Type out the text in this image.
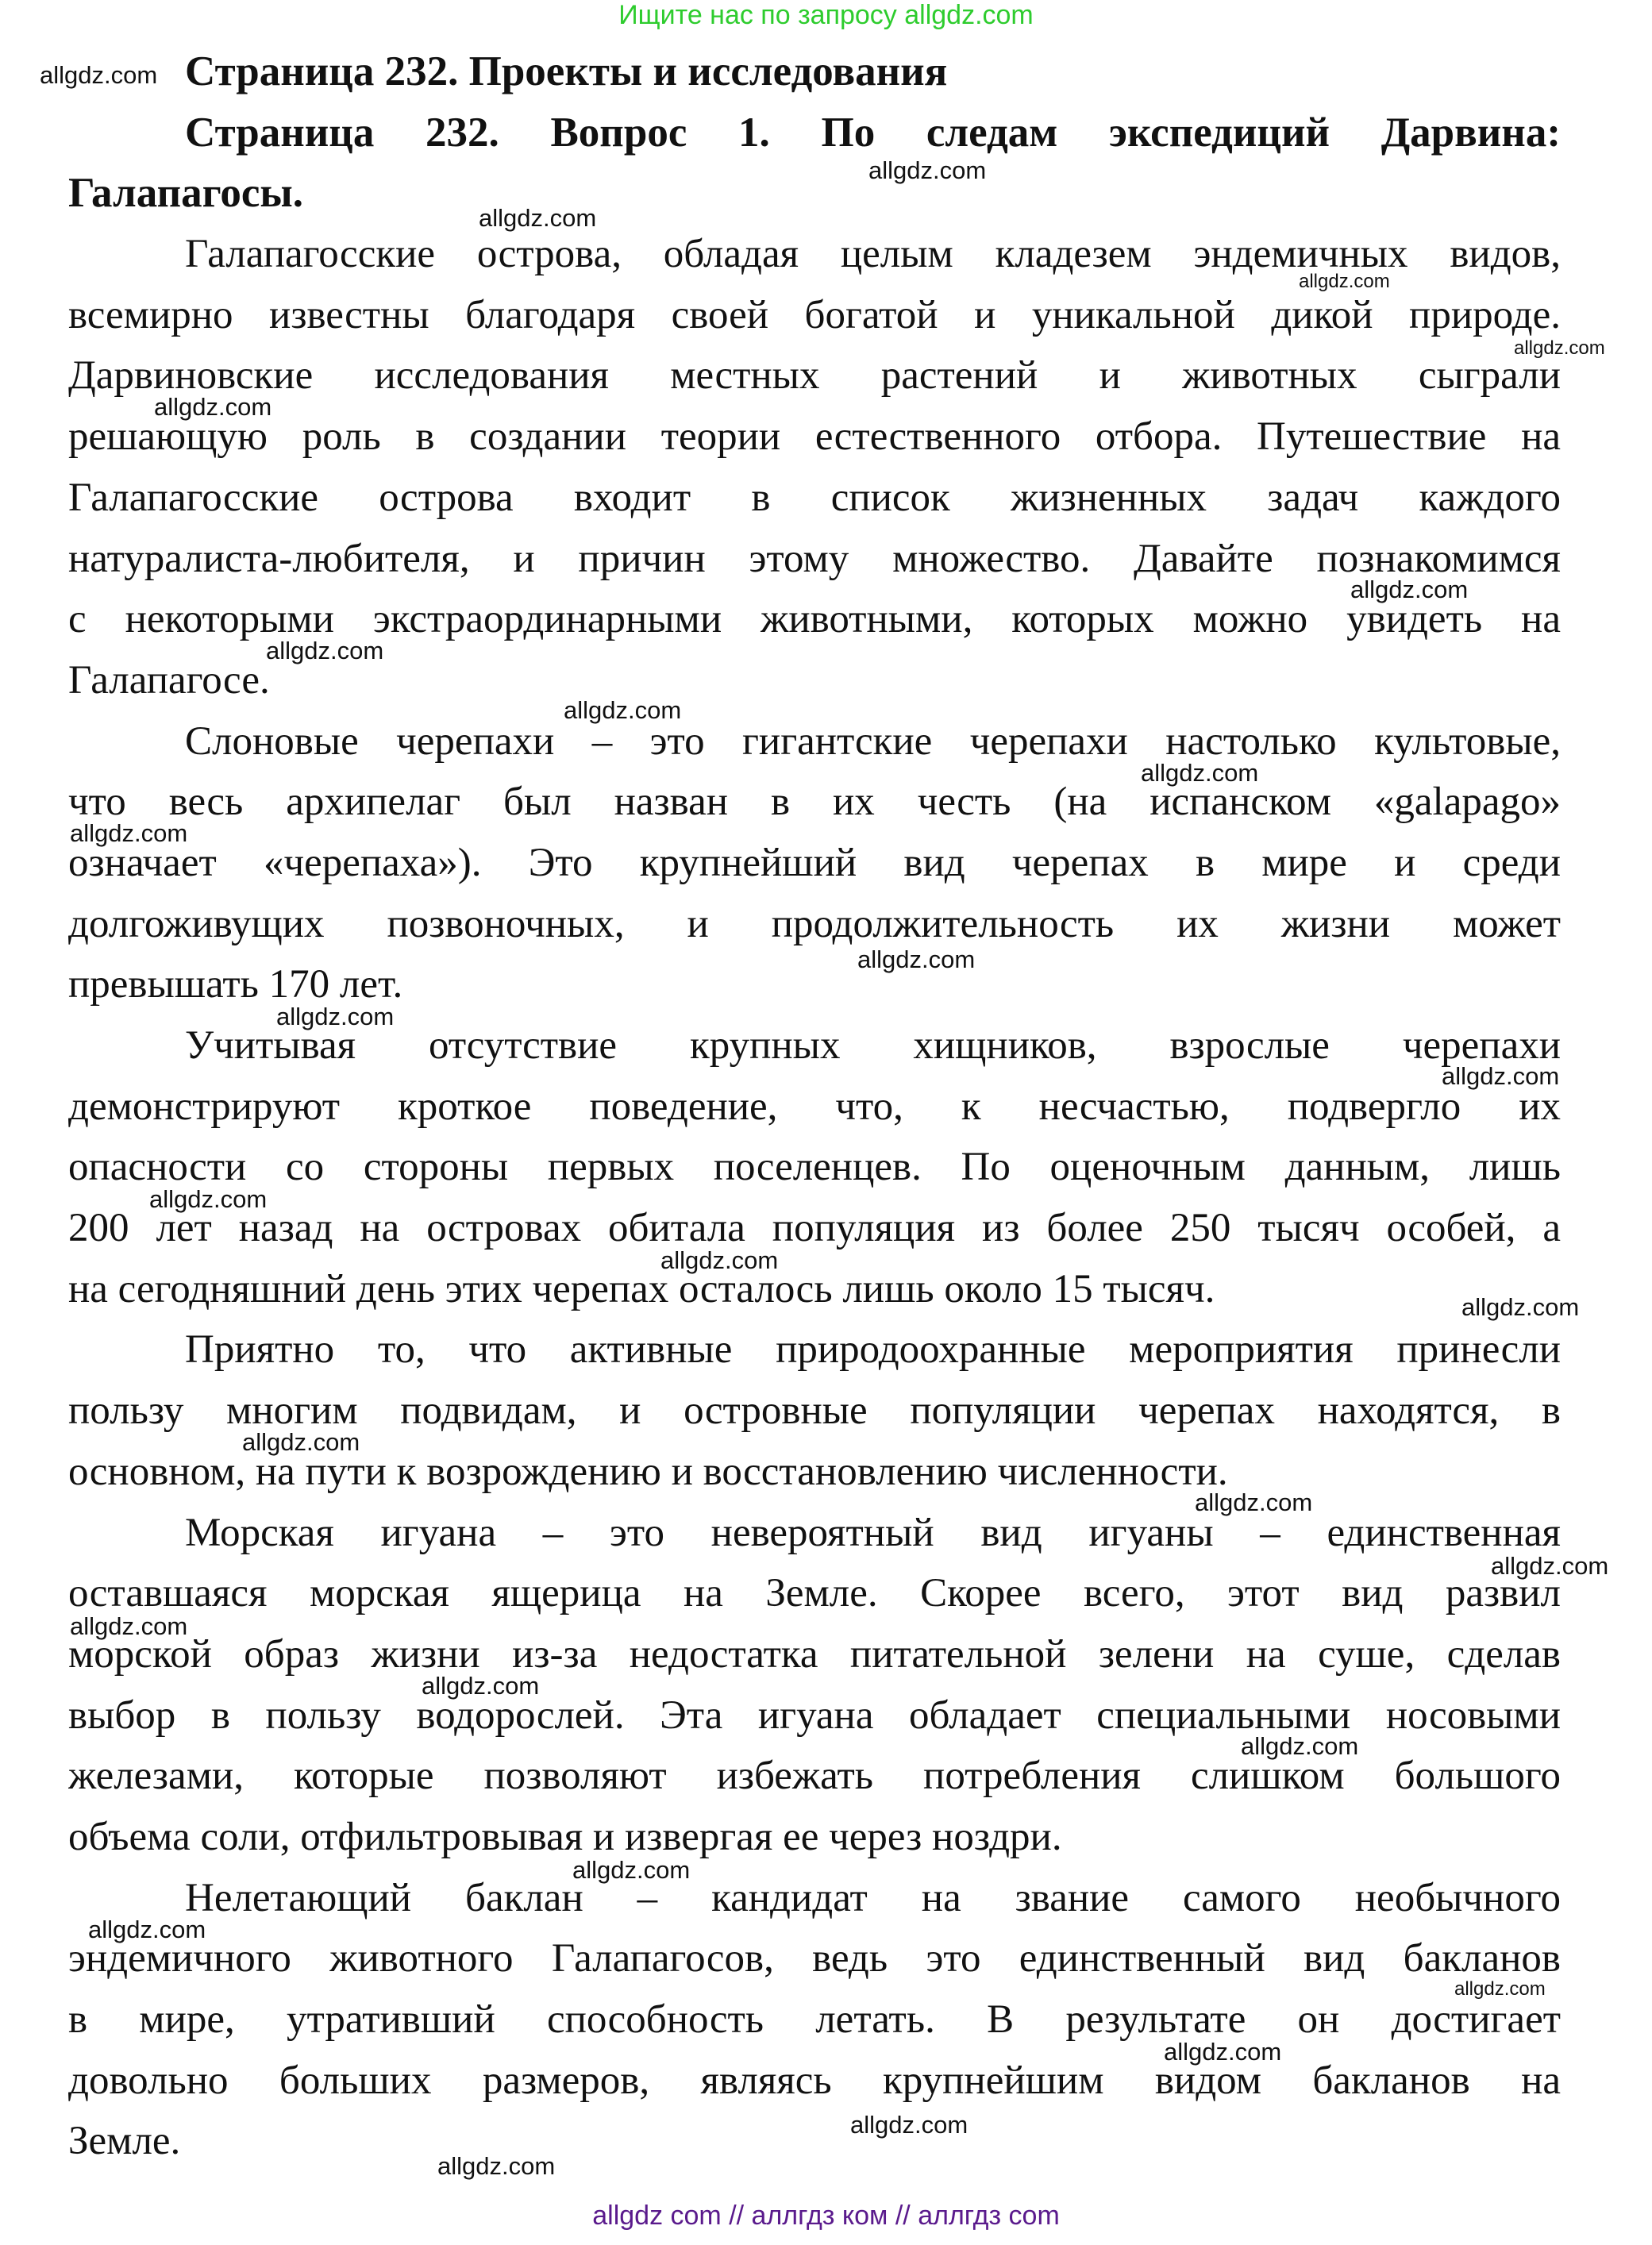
Ищите нас по запросу allgdz.com
Страница 232. Проекты и исследования
Страница 232. Вопрос 1. По следам экспедиций Дарвина:
Галапагосы.
Галапагосские острова, обладая целым кладезем эндемичных видов,
всемирно известны благодаря своей богатой и уникальной дикой природе.
Дарвиновские исследования местных растений и животных сыграли
решающую роль в создании теории естественного отбора. Путешествие на
Галапагосские острова входит в список жизненных задач каждого
натуралиста-любителя, и причин этому множество. Давайте познакомимся
с некоторыми экстраординарными животными, которых можно увидеть на
Галапагосе.
Слоновые черепахи – это гигантские черепахи настолько культовые,
что весь архипелаг был назван в их честь (на испанском «galapago»
означает «черепаха»). Это крупнейший вид черепах в мире и среди
долгоживущих позвоночных, и продолжительность их жизни может
превышать 170 лет.
Учитывая отсутствие крупных хищников, взрослые черепахи
демонстрируют кроткое поведение, что, к несчастью, подвергло их
опасности со стороны первых поселенцев. По оценочным данным, лишь
200 лет назад на островах обитала популяция из более 250 тысяч особей, а
на сегодняшний день этих черепах осталось лишь около 15 тысяч.
Приятно то, что активные природоохранные мероприятия принесли
пользу многим подвидам, и островные популяции черепах находятся, в
основном, на пути к возрождению и восстановлению численности.
Морская игуана – это невероятный вид игуаны – единственная
оставшаяся морская ящерица на Земле. Скорее всего, этот вид развил
морской образ жизни из-за недостатка питательной зелени на суше, сделав
выбор в пользу водорослей. Эта игуана обладает специальными носовыми
железами, которые позволяют избежать потребления слишком большого
объема соли, отфильтровывая и извергая ее через ноздри.
Нелетающий баклан – кандидат на звание самого необычного
эндемичного животного Галапагосов, ведь это единственный вид бакланов
в мире, утративший способность летать. В результате он достигает
довольно больших размеров, являясь крупнейшим видом бакланов на
Земле.
allgdz.com
allgdz.com
allgdz.com
allgdz.com
allgdz.com
allgdz.com
allgdz.com
allgdz.com
allgdz.com
allgdz.com
allgdz.com
allgdz.com
allgdz.com
allgdz.com
allgdz.com
allgdz.com
allgdz.com
allgdz.com
allgdz.com
allgdz.com
allgdz.com
allgdz.com
allgdz.com
allgdz.com
allgdz.com
allgdz.com
allgdz.com
allgdz.com
allgdz.com
allgdz com // аллгдз ком // аллгдз com
